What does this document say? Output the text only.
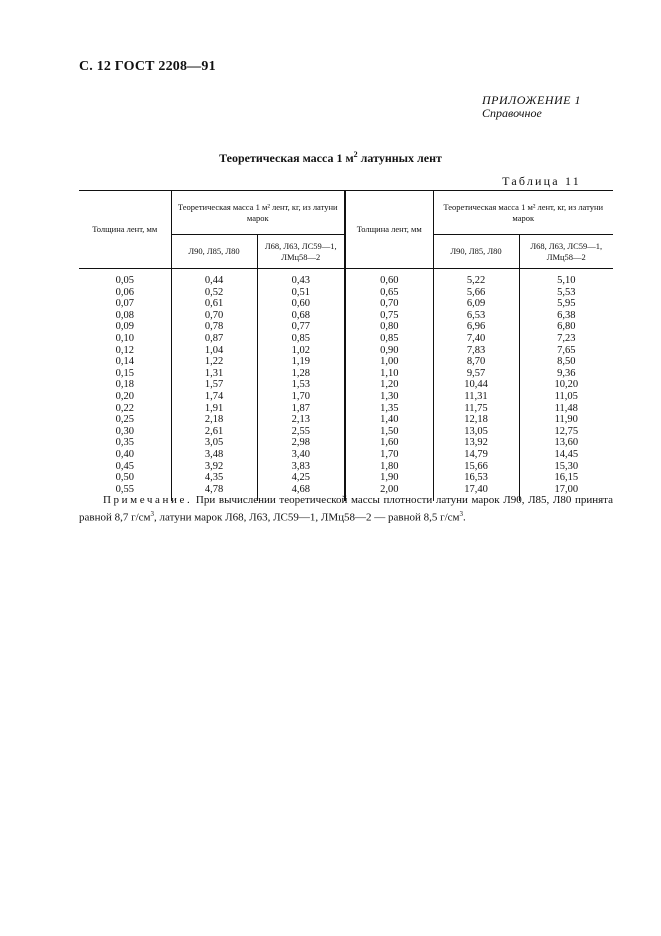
С. 12 ГОСТ 2208—91
ПРИЛОЖЕНИЕ 1
Справочное
Теоретическая масса 1 $м^2$ латунных лент
Таблица 11
Толщина лент, мм	Теоретическая масса 1 м² лент, кг, из латуни марок		Толщина лент, мм	Теоретическая масса 1 м² лент, кг, из латуни марок	
	Л90, Л85, Л80	Л68, Л63, ЛС59—1, ЛМц58—2		Л90, Л85, Л80	Л68, Л63, ЛС59—1, ЛМц58—2
0,05	0,44	0,43	0,60	5,22	5,10
0,06	0,52	0,51	0,65	5,66	5,53
0,07	0,61	0,60	0,70	6,09	5,95
0,08	0,70	0,68	0,75	6,53	6,38
0,09	0,78	0,77	0,80	6,96	6,80
0,10	0,87	0,85	0,85	7,40	7,23
0,12	1,04	1,02	0,90	7,83	7,65
0,14	1,22	1,19	1,00	8,70	8,50
0,15	1,31	1,28	1,10	9,57	9,36
0,18	1,57	1,53	1,20	10,44	10,20
0,20	1,74	1,70	1,30	11,31	11,05
0,22	1,91	1,87	1,35	11,75	11,48
0,25	2,18	2,13	1,40	12,18	11,90
0,30	2,61	2,55	1,50	13,05	12,75
0,35	3,05	2,98	1,60	13,92	13,60
0,40	3,48	3,40	1,70	14,79	14,45
0,45	3,92	3,83	1,80	15,66	15,30
0,50	4,35	4,25	1,90	16,53	16,15
0,55	4,78	4,68	2,00	17,40	17,00
Примечание. При вычислении теоретической массы плотности латуни марок Л90, Л85, Л80 принята равной 8,7 $г/см^3$, латуни марок Л68, Л63, ЛС59—1, ЛМц58—2 — равной 8,5 $г/см^3$.
